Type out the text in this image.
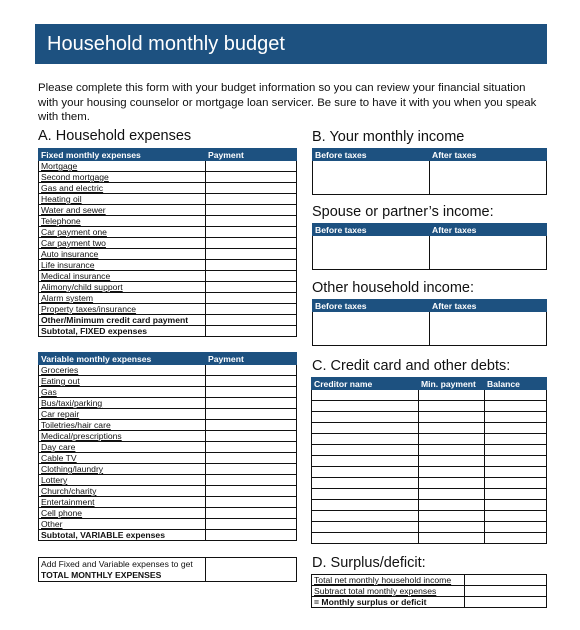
Household monthly budget
Please complete this form with your budget information so you can review your financial situation with your housing counselor or mortgage loan servicer. Be sure to have it with you when you speak with them.
A. Household expenses
Fixed monthly expenses	Payment
Mortgage	
Second mortgage	
Gas and electric	
Heating oil	
Water and sewer	
Telephone	
Car payment one	
Car payment two	
Auto insurance	
Life insurance	
Medical insurance	
Alimony/child support	
Alarm system	
Property taxes/insurance	
Other/Minimum credit card payment	
Subtotal, FIXED expenses	
Variable monthly expenses	Payment
Groceries	
Eating out	
Gas	
Bus/taxi/parking	
Car repair	
Toiletries/hair care	
Medical/prescriptions	
Day care	
Cable TV	
Clothing/laundry	
Lottery	
Church/charity	
Entertainment	
Cell phone	
Other	
Subtotal, VARIABLE expenses	
Add Fixed and Variable expenses to get
TOTAL MONTHLY EXPENSES

B. Your monthly income
Before taxes	After taxes

Spouse or partner’s income:
Before taxes	After taxes

Other household income:
Before taxes	After taxes

C. Credit card and other debts:
Creditor name	Min. payment	Balance

D. Surplus/deficit:
Total net monthly household income	
Subtract total monthly expenses	
= Monthly surplus or deficit	
